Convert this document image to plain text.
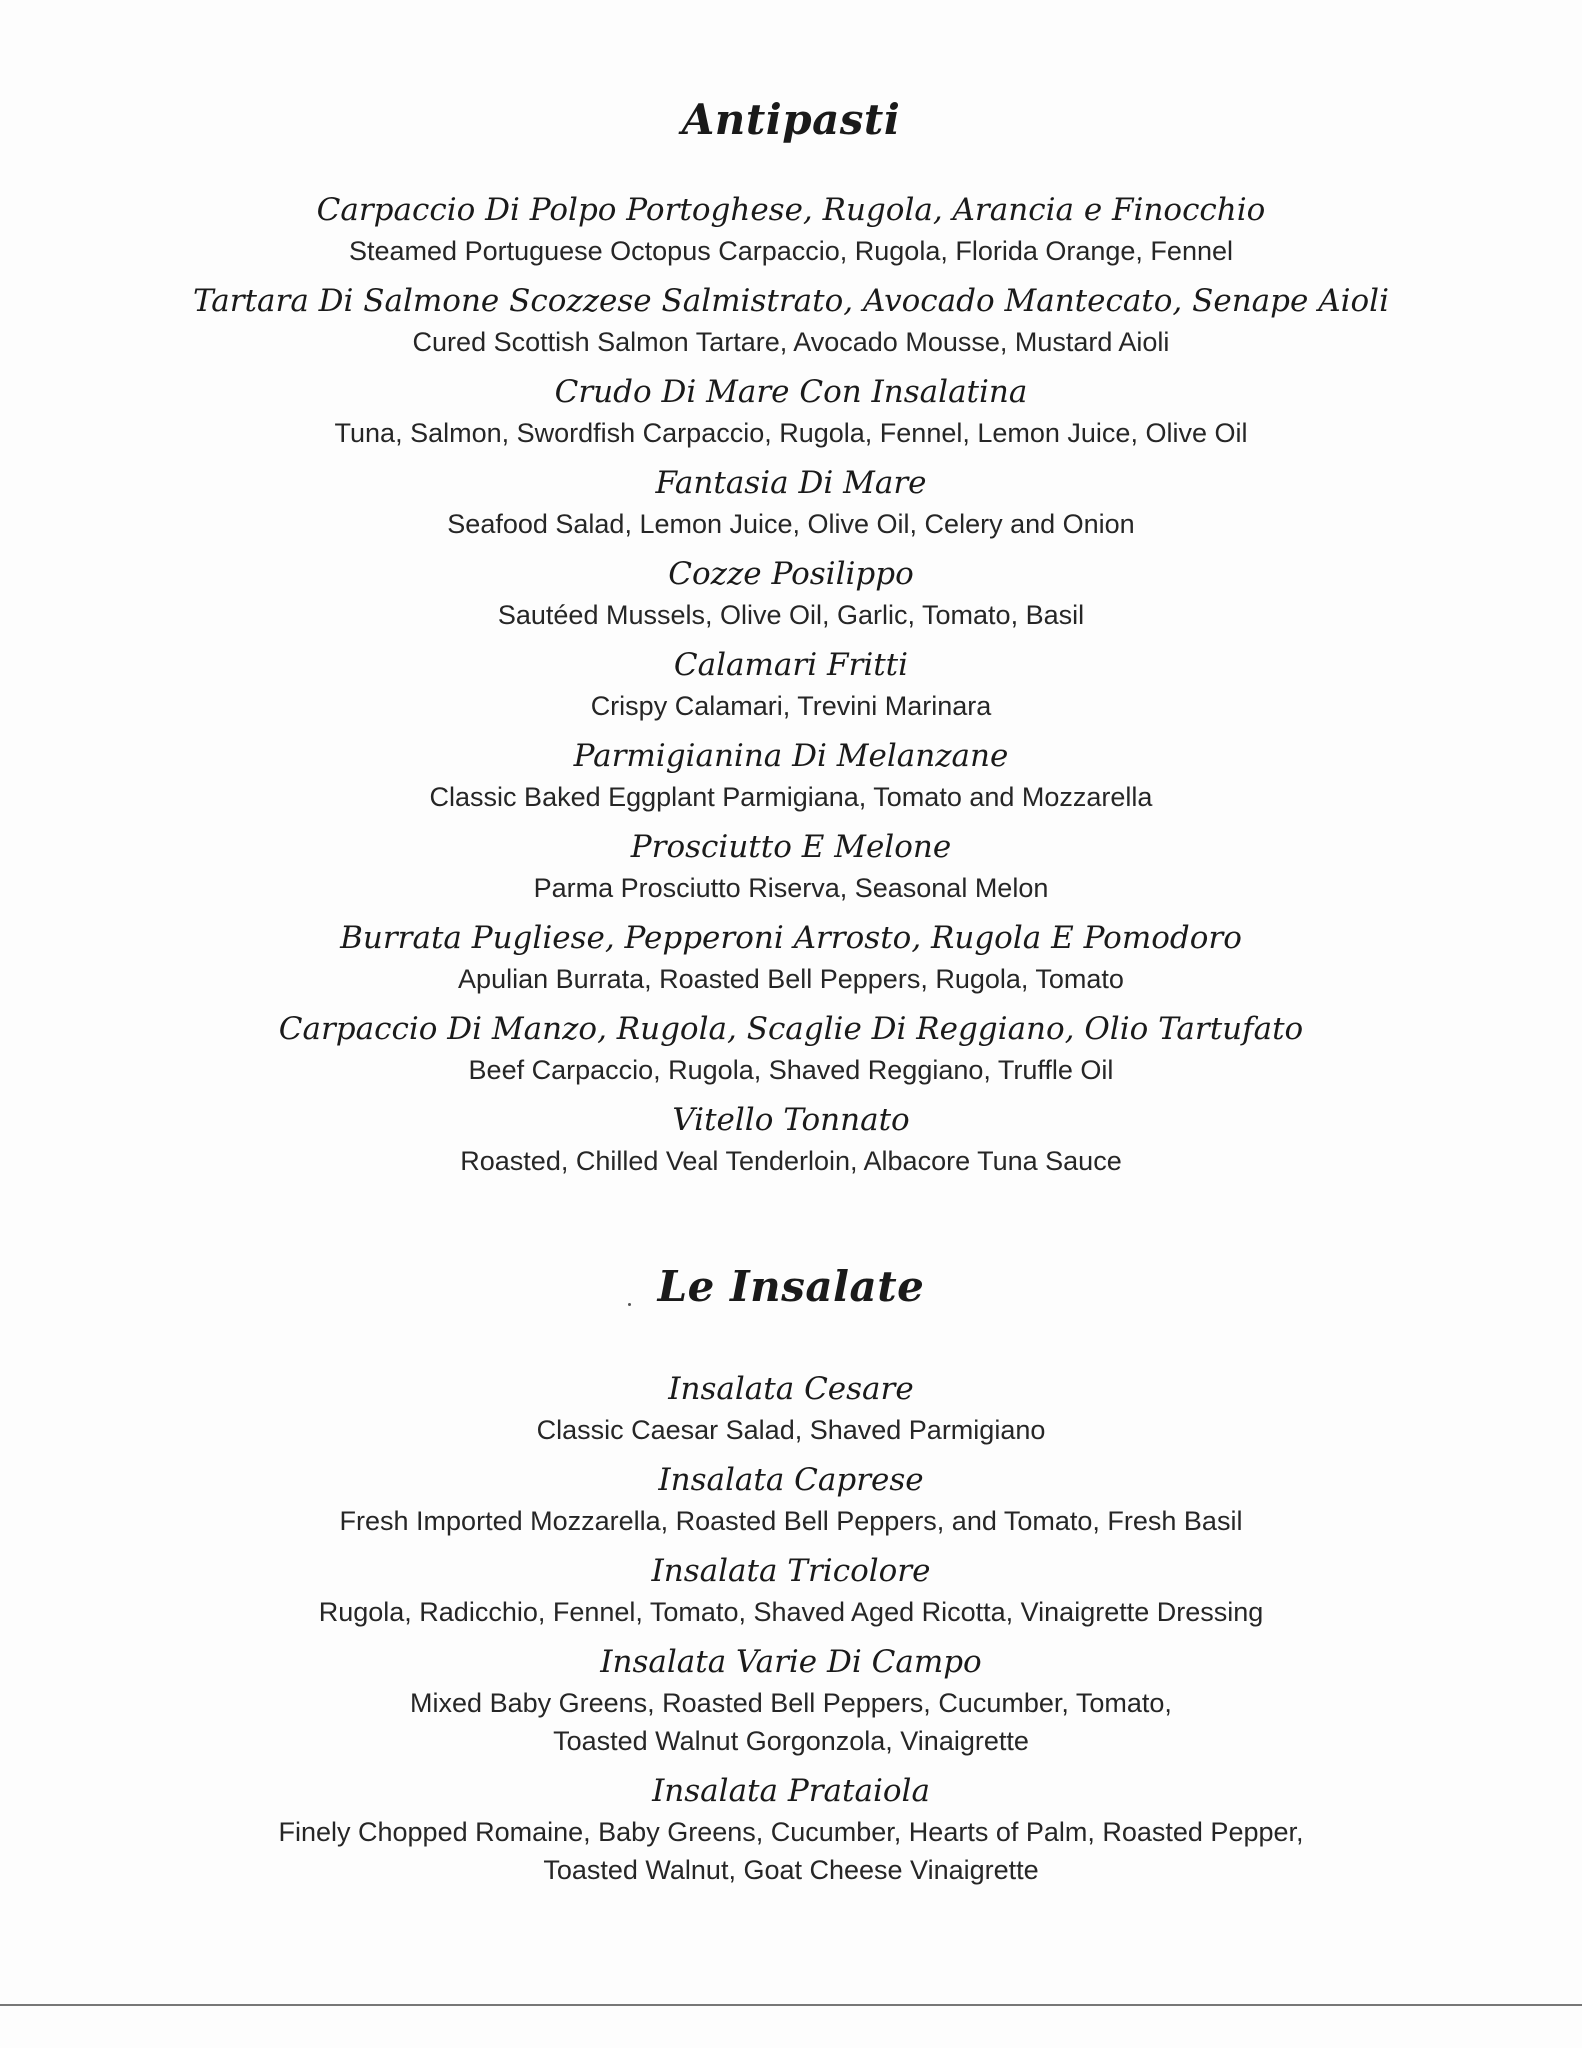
Antipasti
Carpaccio Di Polpo Portoghese, Rugola, Arancia e Finocchio
Steamed Portuguese Octopus Carpaccio, Rugola, Florida Orange, Fennel
Tartara Di Salmone Scozzese Salmistrato, Avocado Mantecato, Senape Aioli
Cured Scottish Salmon Tartare, Avocado Mousse, Mustard Aioli
Crudo Di Mare Con Insalatina
Tuna, Salmon, Swordfish Carpaccio, Rugola, Fennel, Lemon Juice, Olive Oil
Fantasia Di Mare
Seafood Salad, Lemon Juice, Olive Oil, Celery and Onion
Cozze Posilippo
Sautéed Mussels, Olive Oil, Garlic, Tomato, Basil
Calamari Fritti
Crispy Calamari, Trevini Marinara
Parmigianina Di Melanzane
Classic Baked Eggplant Parmigiana, Tomato and Mozzarella
Prosciutto E Melone
Parma Prosciutto Riserva, Seasonal Melon
Burrata Pugliese, Pepperoni Arrosto, Rugola E Pomodoro
Apulian Burrata, Roasted Bell Peppers, Rugola, Tomato
Carpaccio Di Manzo, Rugola, Scaglie Di Reggiano, Olio Tartufato
Beef Carpaccio, Rugola, Shaved Reggiano, Truffle Oil
Vitello Tonnato
Roasted, Chilled Veal Tenderloin, Albacore Tuna Sauce
Le Insalate
Insalata Cesare
Classic Caesar Salad, Shaved Parmigiano
Insalata Caprese
Fresh Imported Mozzarella, Roasted Bell Peppers, and Tomato, Fresh Basil
Insalata Tricolore
Rugola, Radicchio, Fennel, Tomato, Shaved Aged Ricotta, Vinaigrette Dressing
Insalata Varie Di Campo
Mixed Baby Greens, Roasted Bell Peppers, Cucumber, Tomato,
Toasted Walnut Gorgonzola, Vinaigrette
Insalata Prataiola
Finely Chopped Romaine, Baby Greens, Cucumber, Hearts of Palm, Roasted Pepper,
Toasted Walnut, Goat Cheese Vinaigrette
